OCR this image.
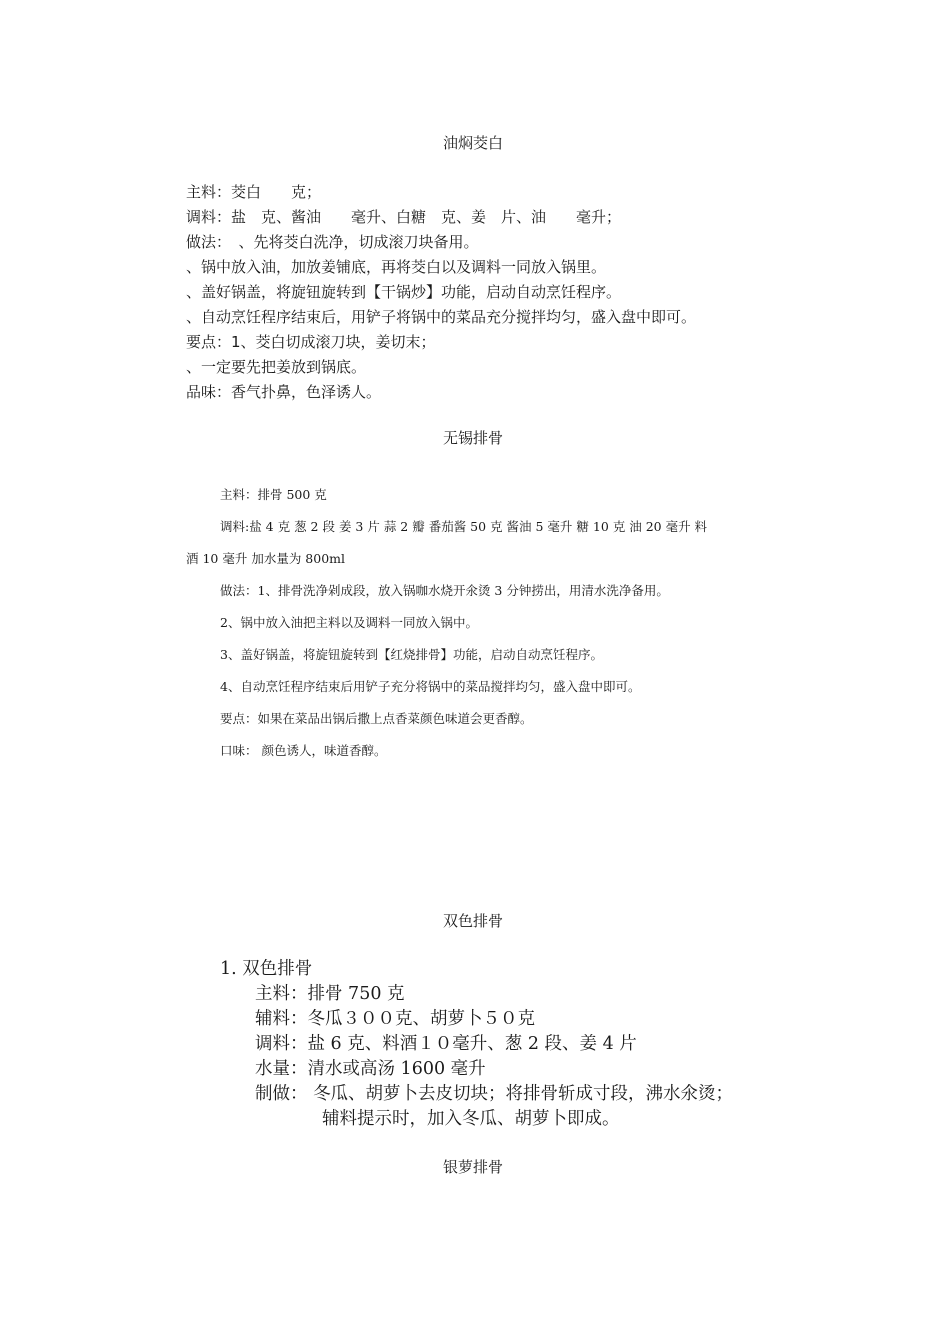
油焖茭白
主料：茭白　　克；
调料：盐　克、酱油　　毫升、白糖　克、姜　片、油　　毫升；
做法：　、先将茭白洗净，切成滚刀块备用。
、锅中放入油，加放姜铺底，再将茭白以及调料一同放入锅里。
、盖好锅盖，将旋钮旋转到【干锅炒】功能，启动自动烹饪程序。
、自动烹饪程序结束后，用铲子将锅中的菜品充分搅拌均匀，盛入盘中即可。
要点：1、茭白切成滚刀块，姜切末；
、一定要先把姜放到锅底。
品味：香气扑鼻，色泽诱人。
无锡排骨
主料：排骨 500 克
调料:盐 4 克 葱 2 段 姜 3 片 蒜 2 瓣 番茄酱 50 克 酱油 5 毫升 糖 10 克 油 20 毫升 料
酒 10 毫升 加水量为 800ml
做法：1、排骨洗净剁成段，放入锅咖水烧开氽烫 3 分钟捞出，用清水洗净备用。
2、锅中放入油把主料以及调料一同放入锅中。
3、盖好锅盖，将旋钮旋转到【红烧排骨】功能，启动自动烹饪程序。
4、自动烹饪程序结束后用铲子充分将锅中的菜品搅拌均匀，盛入盘中即可。
要点：如果在菜品出锅后撒上点香菜颜色味道会更香醇。
口味： 颜色诱人，味道香醇。
双色排骨
1. 双色排骨
主料：排骨 750 克
辅料：冬瓜３００克、胡萝卜５０克
调料：盐 6 克、料酒１０毫升、葱 2 段、姜 4 片
水量：清水或高汤 1600 毫升
制做： 冬瓜、胡萝卜去皮切块；将排骨斩成寸段，沸水氽烫；
辅料提示时，加入冬瓜、胡萝卜即成。
银萝排骨
